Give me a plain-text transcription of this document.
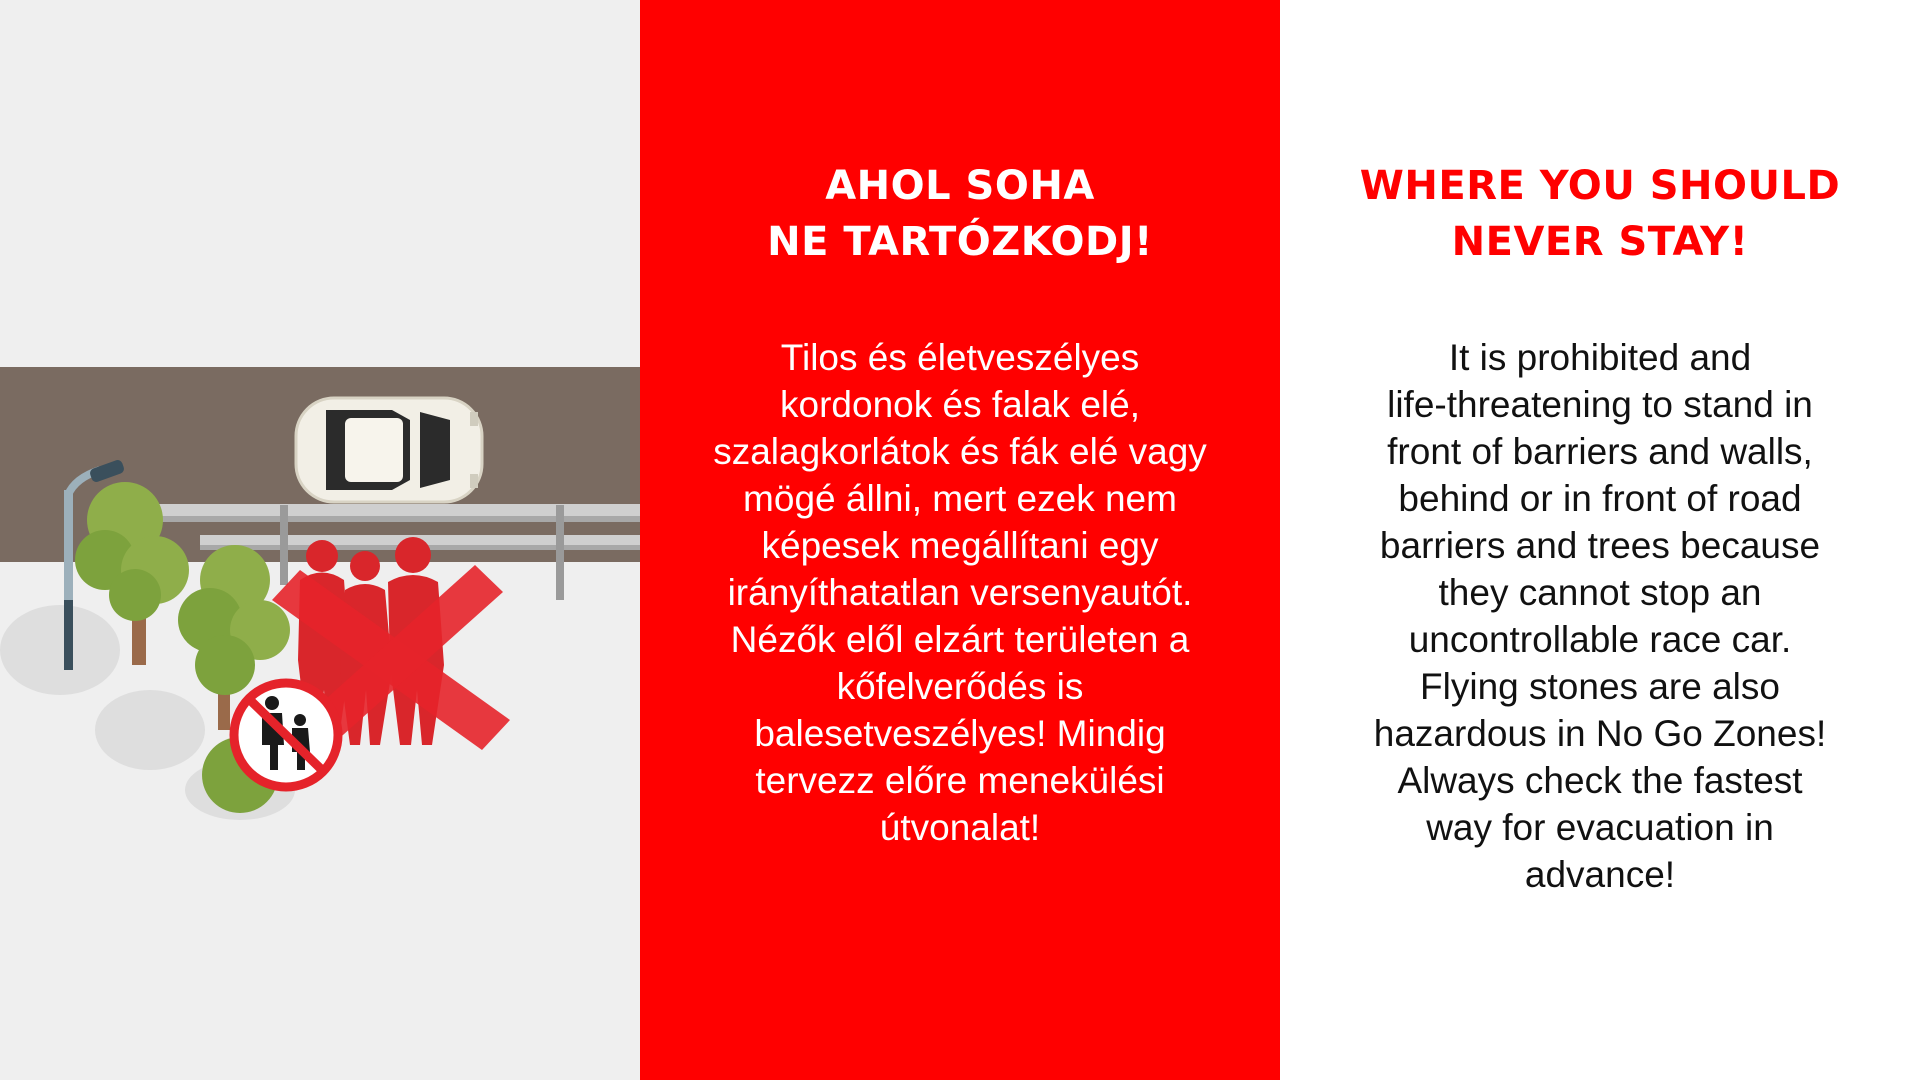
AHOL SOHA
NE TARTÓZKODJ!
Tilos és életveszélyes
kordonok és falak elé,
szalagkorlátok és fák elé vagy
mögé állni, mert ezek nem
képesek megállítani egy
irányíthatatlan versenyautót.
Nézők elől elzárt területen a
kőfelverődés is
balesetveszélyes! Mindig
tervezz előre menekülési
útvonalat!
WHERE YOU SHOULD
NEVER STAY!
It is prohibited and
life-threatening to stand in
front of barriers and walls,
behind or in front of road
barriers and trees because
they cannot stop an
uncontrollable race car.
Flying stones are also
hazardous in No Go Zones!
Always check the fastest
way for evacuation in
advance!
